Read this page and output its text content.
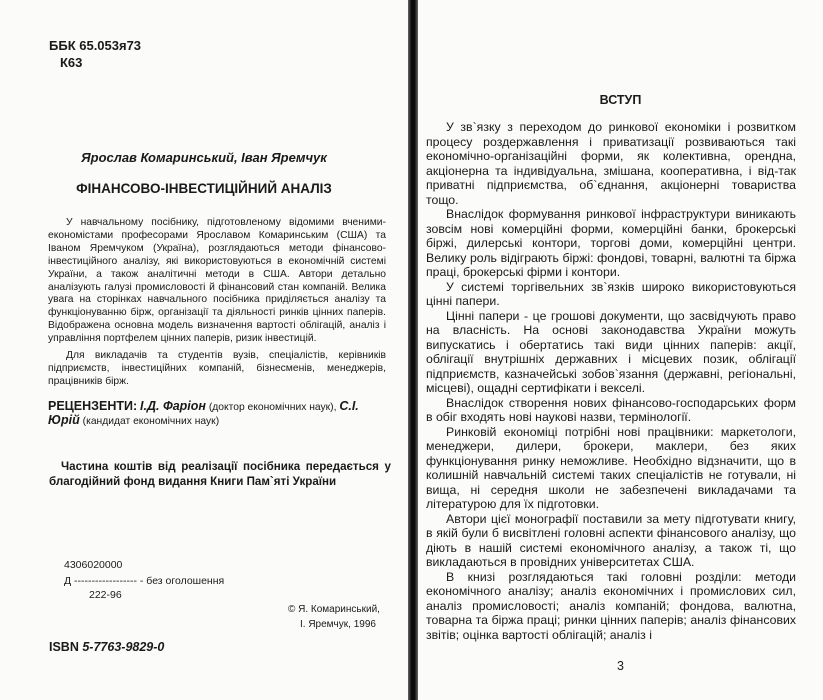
ББК 65.053я73
К63
Ярослав Комаринський, Іван Яремчук
ФІНАНСОВО-ІНВЕСТИЦІЙНИЙ АНАЛІЗ

У навчальному посібнику, підготовленому відомими вченими-економістами професорами Ярославом Комаринським (США) та Іваном Яремчуком (Україна), розглядаються методи фінансово-інвестиційного аналізу, які використовуються в економічній системі України, а також аналітичні методи в США. Автори детально аналізують галузі промисловості й фінансовий стан компаній. Велика увага на сторінках навчального посібника приділяється аналізу та функціонуванню бірж, організації та діяльності ринків цінних паперів. Відображена основна модель визначення вартості облігацій, аналіз і управління портфелем цінних паперів, ризик інвестицій.

Для викладачів та студентів вузів, спеціалістів, керівників підприємств, інвестиційних компаній, бізнесменів, менеджерів, працівників бірж.

РЕЦЕНЗЕНТИ: І.Д. Фаріон (доктор економічних наук), С.І. Юрій (кандидат економічних наук)
Частина коштів від реалізації посібника передається у благодійний фонд видання Книги Пам`яті України
4306020000
Д ------------------ - без оголошення
222-96
© Я. Комаринський,
І. Яремчук, 1996
ISBN 5-7763-9829-0
ВСТУП

У зв`язку з переходом до ринкової економіки і розвитком процесу роздержавлення і приватизації розвиваються такі економічно-організаційні форми, як колективна, орендна, акціонерна та індивідуальна, змішана, кооперативна, і від-так приватні підприємства, об`єднання, акціонерні товариства тощо.

Внаслідок формування ринкової інфраструктури виникають зовсім нові комерційні форми, комерційні банки, брокерські біржі, дилерські контори, торгові доми, комерційні центри. Велику роль відіграють біржі: фондові, товарні, валютні та біржа праці, брокерські фірми і контори.

У системі торгівельних зв`язків широко використовуються цінні папери.

Цінні папери - це грошові документи, що засвідчують право на власність. На основі законодавства України можуть випускатись і обертатись такі види цінних паперів: акції, облігації внутрішніх державних і місцевих позик, облігації підприємств, казначейські зобов`язання (державні, регіональні, місцеві), ощадні сертифікати і векселі.

Внаслідок створення нових фінансово-господарських форм в обіг входять нові наукові назви, термінології.

Ринковій економіці потрібні нові працівники: маркетологи, менеджери, дилери, брокери, маклери, без яких функціонування ринку неможливе. Необхідно відзначити, що в колишній навчальній системі таких спеціалістів не готували, ні вища, ні середня школи не забезпечені викладачами та літературою для їх підготовки.

Автори цієї монографії поставили за мету підготувати книгу, в якій були б висвітлені головні аспекти фінансового аналізу, що діють в нашій системі економічного аналізу, а також ті, що викладаються в провідних університетах США.

В книзі розглядаються такі головні розділи: методи економічного аналізу; аналіз економічних і промислових сил, аналіз промисловості; аналіз компаній; фондова, валютна, товарна та біржа праці; ринки цінних паперів; аналіз фінансових звітів; оцінка вартості облігацій; аналіз і

3
